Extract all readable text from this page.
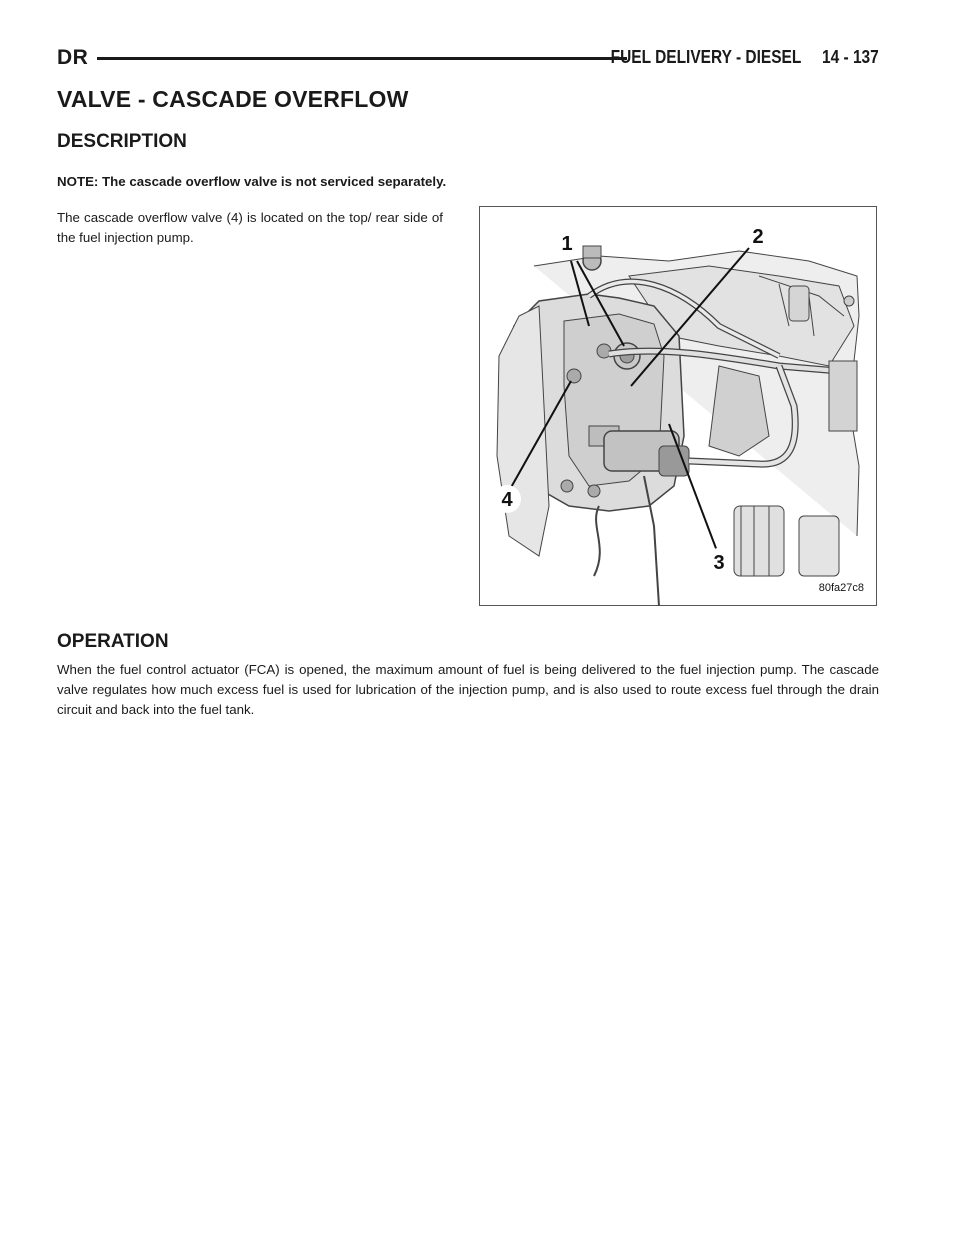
DR	FUEL DELIVERY - DIESEL 14 - 137
VALVE - CASCADE OVERFLOW
DESCRIPTION
NOTE: The cascade overflow valve is not serviced separately.

The cascade overflow valve (4) is located on the top/ rear side of the fuel injection pump.	1	2
3
4
80fa27c8
OPERATION

When the fuel control actuator (FCA) is opened, the maximum amount of fuel is being delivered to the fuel injection pump. The cascade valve regulates how much excess fuel is used for lubrication of the injection pump, and is also used to route excess fuel through the drain circuit and back into the fuel tank.
